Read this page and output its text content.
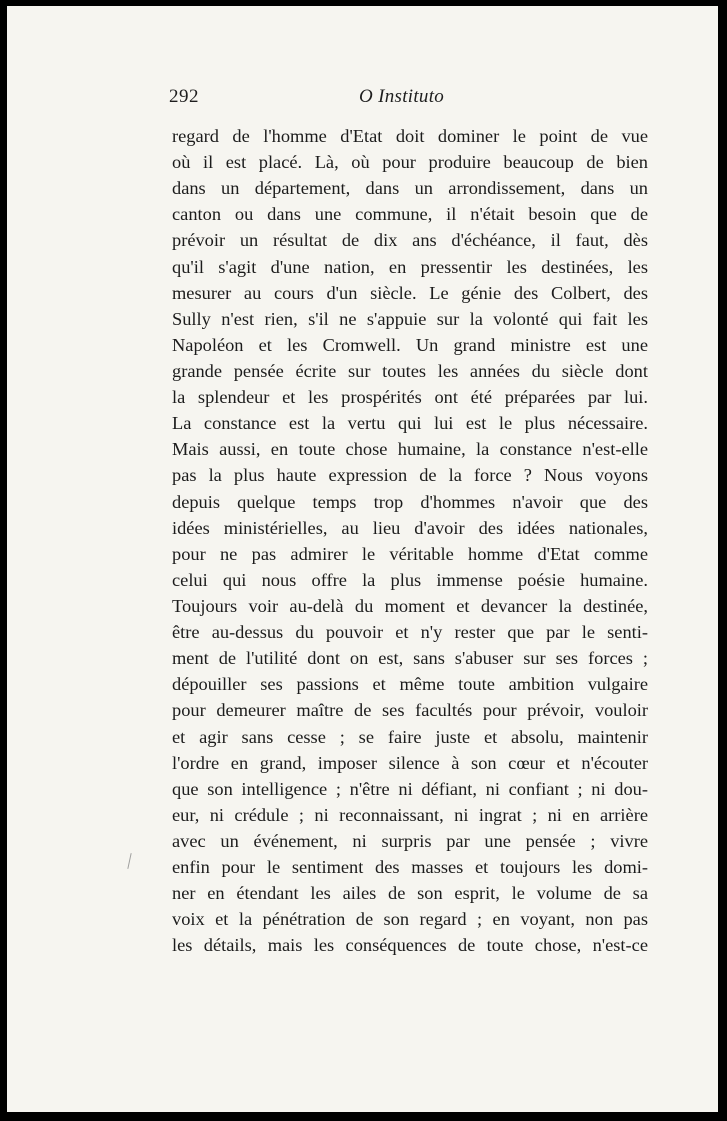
292	O Instituto
regard de l'homme d'Etat doit dominer le point de vue
où il est placé. Là, où pour produire beaucoup de bien
dans un département, dans un arrondissement, dans un
canton ou dans une commune, il n'était besoin que de
prévoir un résultat de dix ans d'échéance, il faut, dès
qu'il s'agit d'une nation, en pressentir les destinées, les
mesurer au cours d'un siècle. Le génie des Colbert, des
Sully n'est rien, s'il ne s'appuie sur la volonté qui fait les
Napoléon et les Cromwell. Un grand ministre est une
grande pensée écrite sur toutes les années du siècle dont
la splendeur et les prospérités ont été préparées par lui.
La constance est la vertu qui lui est le plus nécessaire.
Mais aussi, en toute chose humaine, la constance n'est-elle
pas la plus haute expression de la force ? Nous voyons
depuis quelque temps trop d'hommes n'avoir que des
idées ministérielles, au lieu d'avoir des idées nationales,
pour ne pas admirer le véritable homme d'Etat comme
celui qui nous offre la plus immense poésie humaine.
Toujours voir au-delà du moment et devancer la destinée,
être au-dessus du pouvoir et n'y rester que par le senti-
ment de l'utilité dont on est, sans s'abuser sur ses forces ;
dépouiller ses passions et même toute ambition vulgaire
pour demeurer maître de ses facultés pour prévoir, vouloir
et agir sans cesse ; se faire juste et absolu, maintenir
l'ordre en grand, imposer silence à son cœur et n'écouter
que son intelligence ; n'être ni défiant, ni confiant ; ni dou-
eur, ni crédule ; ni reconnaissant, ni ingrat ; ni en arrière
avec un événement, ni surpris par une pensée ; vivre
enfin pour le sentiment des masses et toujours les domi-
ner en étendant les ailes de son esprit, le volume de sa
voix et la pénétration de son regard ; en voyant, non pas
les détails, mais les conséquences de toute chose, n'est-ce
